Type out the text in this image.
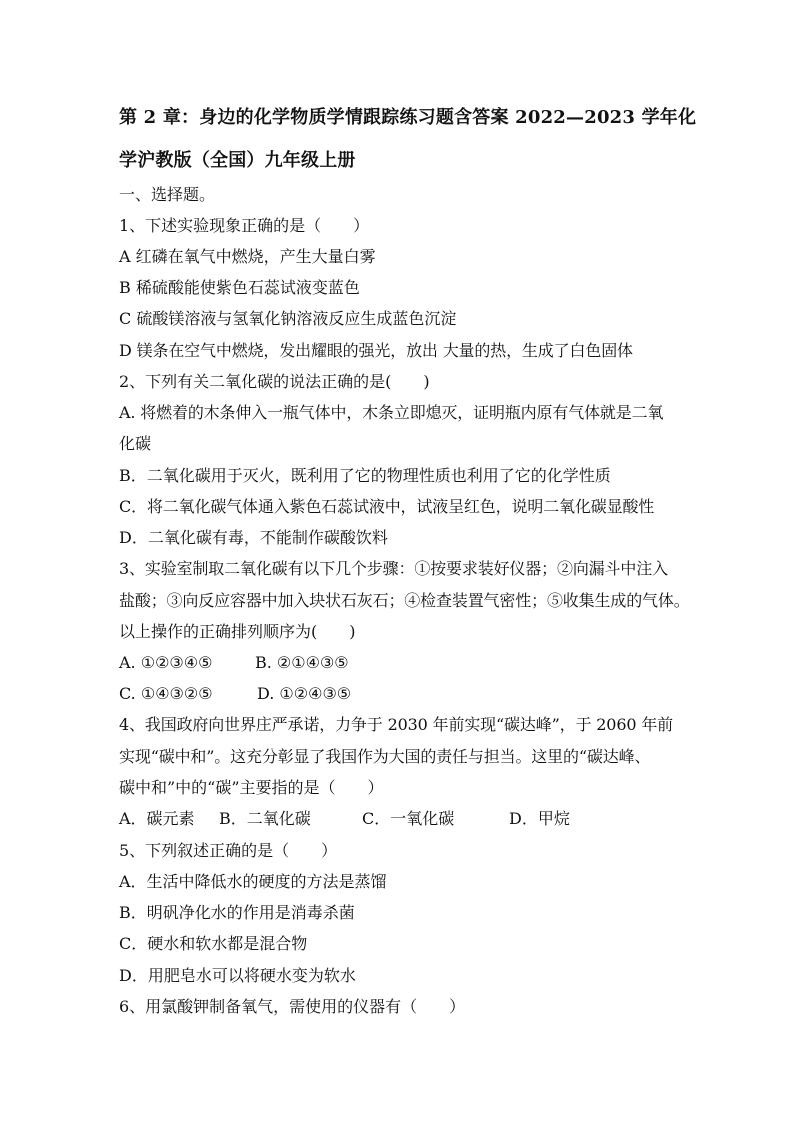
第 2 章：身边的化学物质学情跟踪练习题含答案 2022—2023 学年化
学沪教版（全国）九年级上册
一、选择题。
1、下述实验现象正确的是（　　）
A 红磷在氧气中燃烧，产生大量白雾
B 稀硫酸能使紫色石蕊试液变蓝色
C 硫酸镁溶液与氢氧化钠溶液反应生成蓝色沉淀
D 镁条在空气中燃烧，发出耀眼的强光，放出 大量的热，生成了白色固体
2、下列有关二氧化碳的说法正确的是(　　)
A. 将燃着的木条伸入一瓶气体中，木条立即熄灭，证明瓶内原有气体就是二氧
化碳
B．二氧化碳用于灭火，既利用了它的物理性质也利用了它的化学性质
C．将二氧化碳气体通入紫色石蕊试液中，试液呈红色，说明二氧化碳显酸性
D．二氧化碳有毒，不能制作碳酸饮料
3、实验室制取二氧化碳有以下几个步骤：①按要求装好仪器；②向漏斗中注入
盐酸；③向反应容器中加入块状石灰石；④检查装置气密性；⑤收集生成的气体。
以上操作的正确排列顺序为(　　)
A. ①②③④⑤	B. ②①④③⑤
C. ①④③②⑤	D. ①②④③⑤
4、我国政府向世界庄严承诺，力争于 2030 年前实现“碳达峰”，于 2060 年前
实现“碳中和”。这充分彰显了我国作为大国的责任与担当。这里的“碳达峰、
碳中和”中的“碳”主要指的是（　　）
A．碳元素 B．二氧化碳	C．一氧化碳	D．甲烷
5、下列叙述正确的是（　　）
A．生活中降低水的硬度的方法是蒸馏
B．明矾净化水的作用是消毒杀菌
C．硬水和软水都是混合物
D．用肥皂水可以将硬水变为软水
6、用氯酸钾制备氧气，需使用的仪器有（　　）
